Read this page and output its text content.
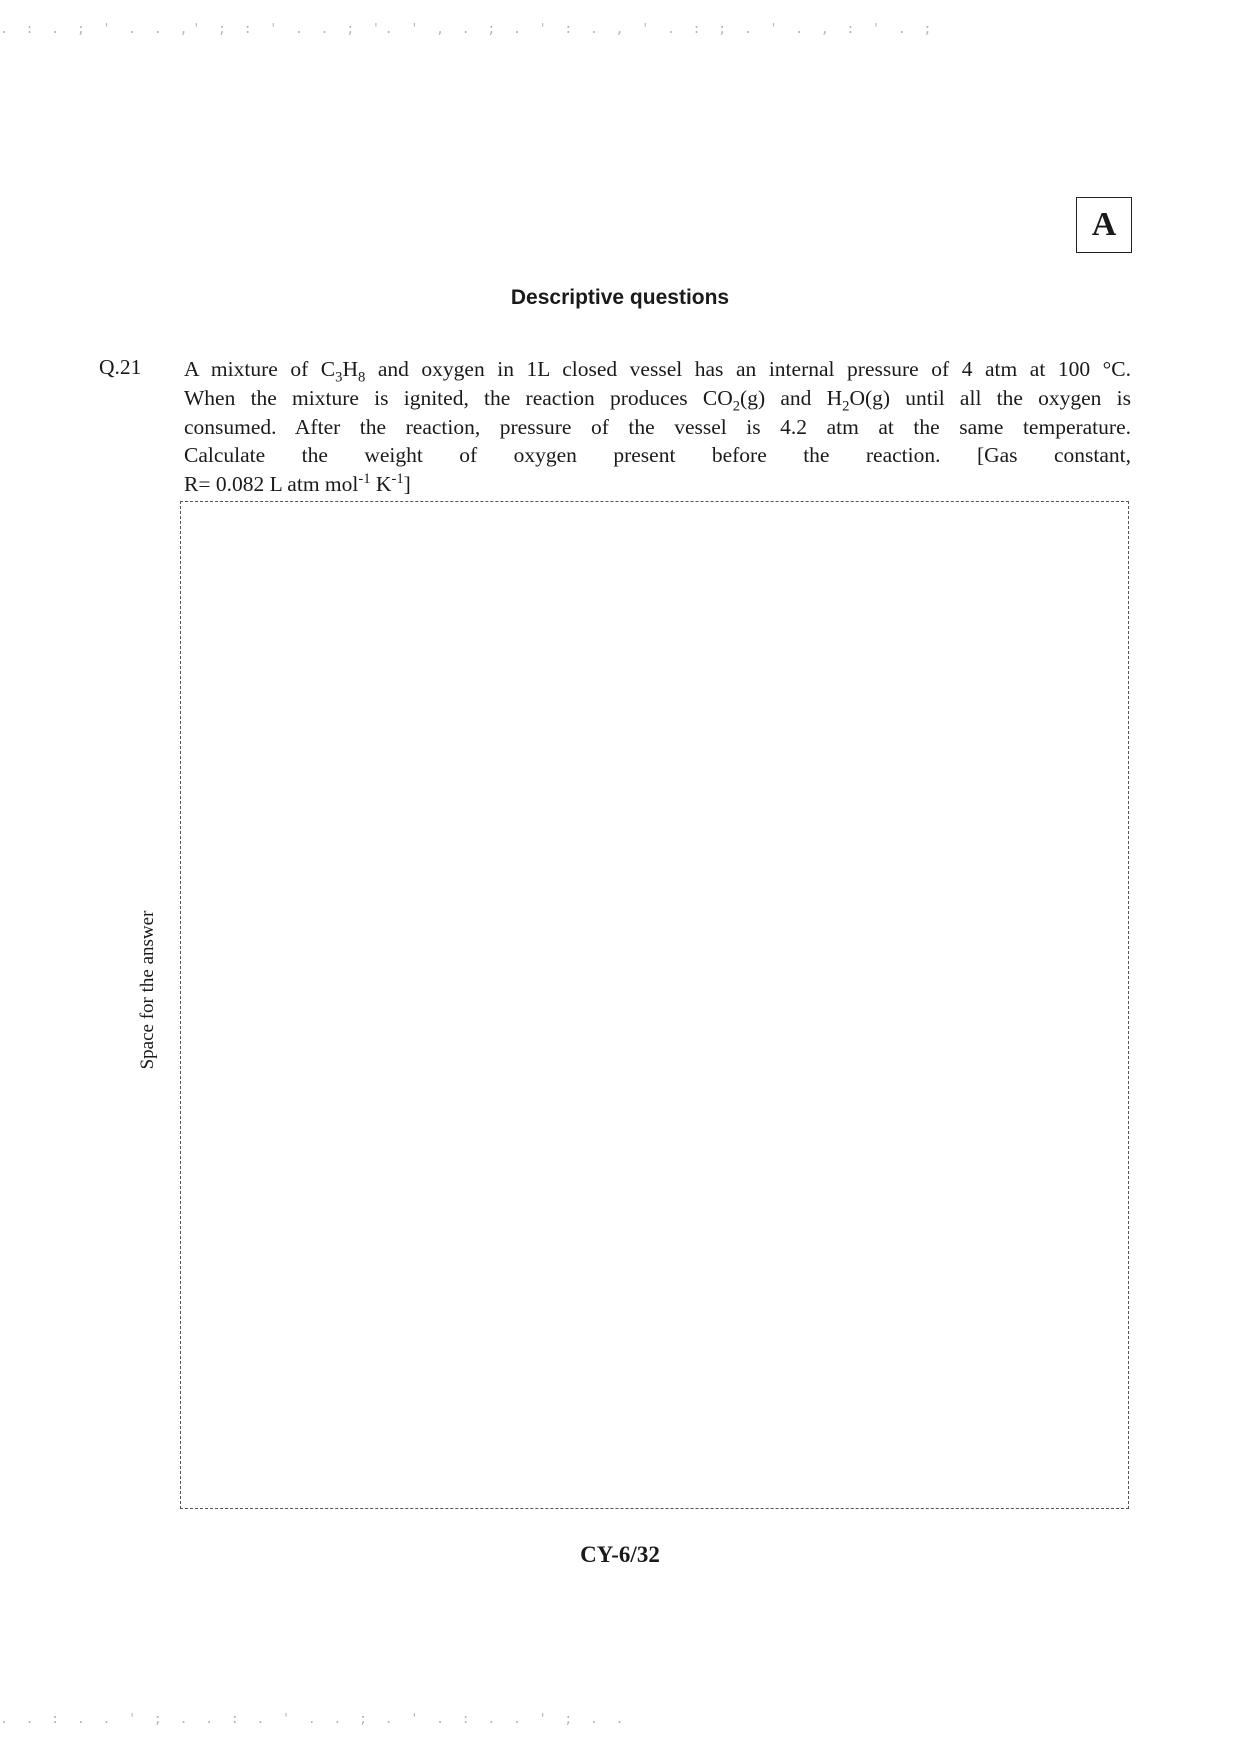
. : . ; ' . . ,' ; : ' . . ; '. ' , . ; . ' : . , ' . : ; . ' . , : ' . ;
A
Descriptive questions
Q.21 A mixture of $C_3H_8$ and oxygen in 1L closed vessel has an internal pressure of 4 atm at 100 °C.
When the mixture is ignited, the reaction produces $CO_2(g)$ and $H_2O(g)$ until all the oxygen is
consumed. After the reaction, pressure of the vessel is 4.2 atm at the same temperature.
Calculate the weight of oxygen present before the reaction. [Gas constant,
R= 0.082 L atm mol$^{-1}$ $K^{-1}$]
Space for the answer
CY-6/32
. . : . . ' ; . . : . ' . . ; . ' . : . . ' ; . .
